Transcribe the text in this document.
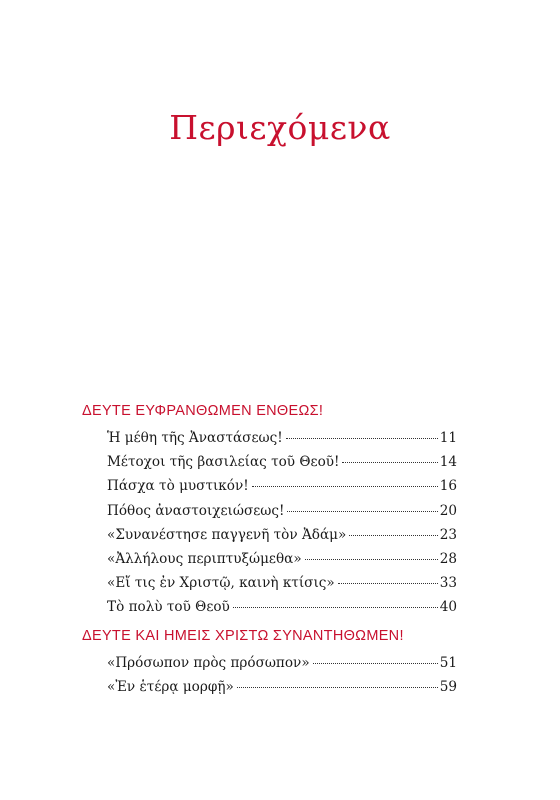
Περιεχόμενα
ΔΕΥΤΕ ΕΥΦΡΑΝΘΩΜΕΝ ΕΝΘΕΩΣ!
Ἡ μέθη τῆς Ἀναστάσεως!	11
Μέτοχοι τῆς βασιλείας τοῦ Θεοῦ!	14
Πάσχα τὸ μυστικόν!	16
Πόθος ἀναστοιχειώσεως!	20
«Συνανέστησε παγγενῆ τὸν Ἀδάμ»	23
«Ἀλλήλους περιπτυξώμεθα»	28
«Εἴ τις ἐν Χριστῷ, καινὴ κτίσις»	33
Τὸ πολὺ τοῦ Θεοῦ	40
ΔΕΥΤΕ ΚΑΙ ΗΜΕΙΣ ΧΡΙΣΤΩ ΣΥΝΑΝΤΗΘΩΜΕΝ!
«Πρόσωπον πρὸς πρόσωπον»	51
«Ἐν ἑτέρᾳ μορφῇ»	59
